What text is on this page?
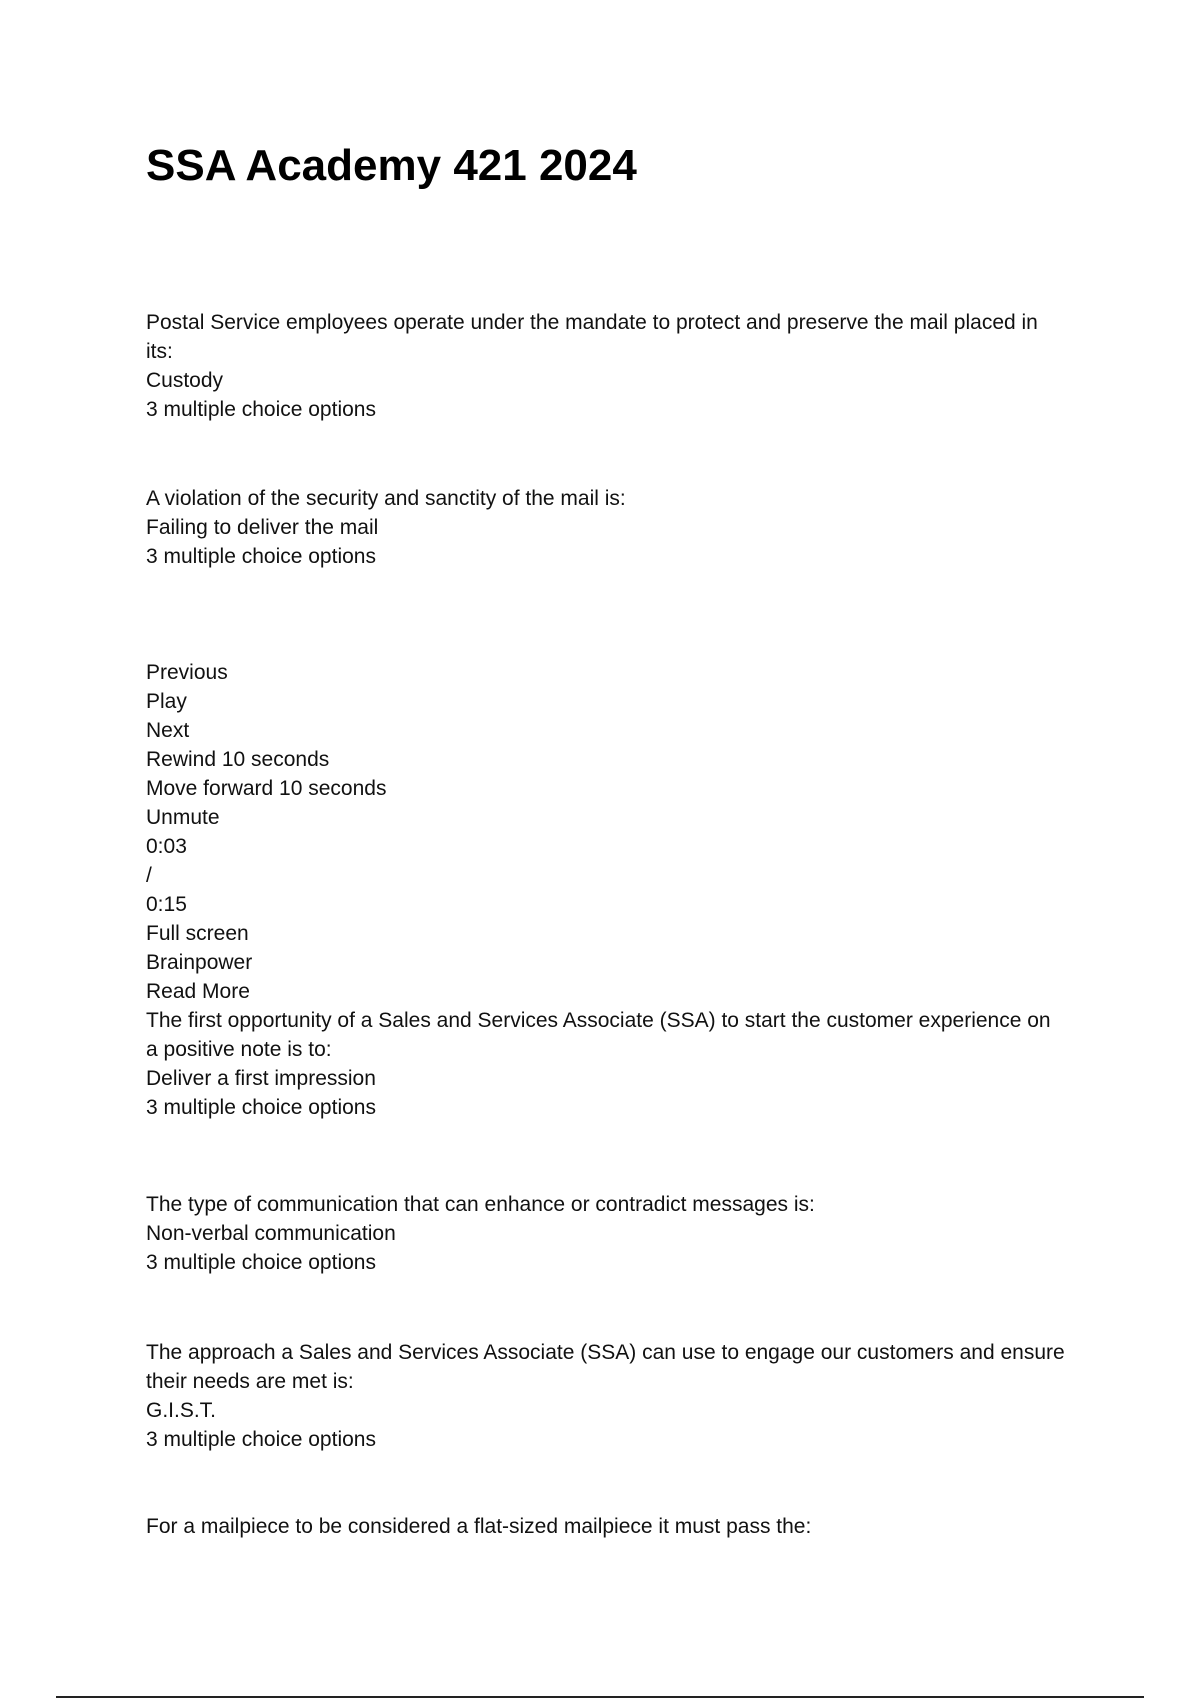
SSA Academy 421 2024
Postal Service employees operate under the mandate to protect and preserve the mail placed in its:
Custody
3 multiple choice options
A violation of the security and sanctity of the mail is:
Failing to deliver the mail
3 multiple choice options
Previous
Play
Next
Rewind 10 seconds
Move forward 10 seconds
Unmute
0:03
/
0:15
Full screen
Brainpower
Read More
The first opportunity of a Sales and Services Associate (SSA) to start the customer experience on a positive note is to:
Deliver a first impression
3 multiple choice options
The type of communication that can enhance or contradict messages is:
Non-verbal communication
3 multiple choice options
The approach a Sales and Services Associate (SSA) can use to engage our customers and ensure their needs are met is:
G.I.S.T.
3 multiple choice options
For a mailpiece to be considered a flat-sized mailpiece it must pass the:
